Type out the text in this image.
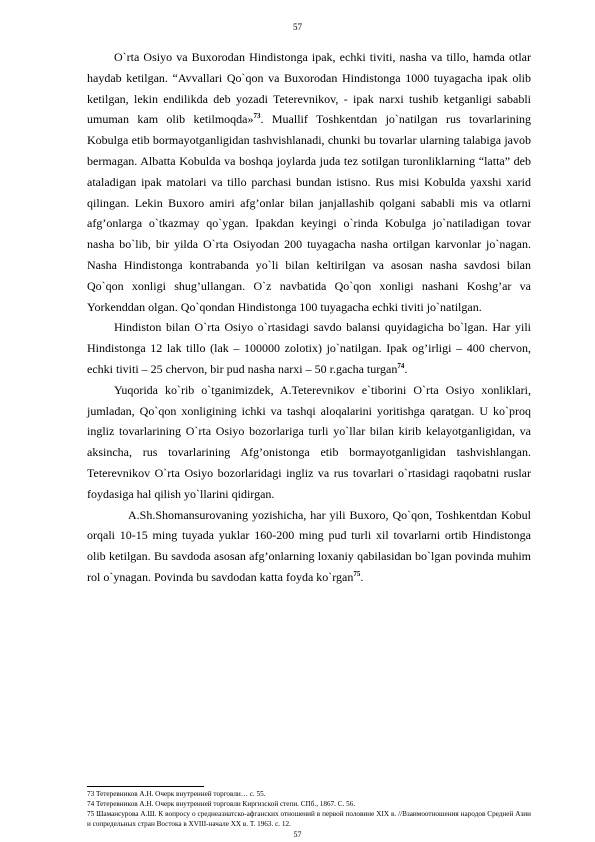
57

O`rta Osiyo va Buxorodan Hindistonga ipak, echki tiviti, nasha va tillo, hamda otlar haydab ketilgan. “Avvallari Qo`qon va Buxorodan Hindistonga 1000 tuyagacha ipak olib ketilgan, lekin endilikda deb yozadi Teterevnikov, - ipak narxi tushib ketganligi sababli umuman kam olib ketilmoqda»$^{73}$. Muallif Toshkentdan jo`natilgan rus tovarlarining Kobulga etib bormayotganligidan tashvishlanadi, chunki bu tovarlar ularning talabiga javob bermagan. Albatta Kobulda va boshqa joylarda juda tez sotilgan turonliklarning “latta” deb ataladigan ipak matolari va tillo parchasi bundan istisno. Rus misi Kobulda yaxshi xarid qilingan. Lekin Buxoro amiri afg’onlar bilan janjallashib qolgani sababli mis va otlarni afg’onlarga o`tkazmay qo`ygan. Ipakdan keyingi o`rinda Kobulga jo`natiladigan tovar nasha bo`lib, bir yilda O`rta Osiyodan 200 tuyagacha nasha ortilgan karvonlar jo`nagan. Nasha Hindistonga kontrabanda yo`li bilan keltirilgan va asosan nasha savdosi bilan Qo`qon xonligi shug’ullangan. O`z navbatida Qo`qon xonligi nashani Koshg’ar va Yorkenddan olgan. Qo`qondan Hindistonga 100 tuyagacha echki tiviti jo`natilgan.

Hindiston bilan O`rta Osiyo o`rtasidagi savdo balansi quyidagicha bo`lgan. Har yili Hindistonga 12 lak tillo (lak – 100000 zolotix) jo`natilgan. Ipak og’irligi – 400 chervon, echki tiviti – 25 chervon, bir pud nasha narxi – 50 r.gacha turgan$^{74}$.

Yuqorida ko`rib o`tganimizdek, A.Teterevnikov e`tiborini O`rta Osiyo xonliklari, jumladan, Qo`qon xonligining ichki va tashqi aloqalarini yoritishga qaratgan. U ko`proq ingliz tovarlarining O`rta Osiyo bozorlariga turli yo`llar bilan kirib kelayotganligidan, va aksincha, rus tovarlarining Afg’onistonga etib bormayotganligidan tashvishlangan. Teterevnikov O`rta Osiyo bozorlaridagi ingliz va rus tovarlari o`rtasidagi raqobatni ruslar foydasiga hal qilish yo`llarini qidirgan.

A.Sh.Shomansurovaning yozishicha, har yili Buxoro, Qo`qon, Toshkentdan Kobul orqali 10-15 ming tuyada yuklar 160-200 ming pud turli xil tovarlarni ortib Hindistonga olib ketilgan. Bu savdoda asosan afg’onlarning loxaniy qabilasidan bo`lgan povinda muhim rol o`ynagan. Povinda bu savdodan katta foyda ko`rgan$^{75}$.

73 Тетеревников А.Н. Очерк внутренней торговли… с. 55.

74 Тетеревников А.Н. Очерк внутренней торговли Киргизской степи. СПб., 1867. С. 56.

75 Шамансурова А.Ш. К вопросу о среднеазиатско-афганских отношений в первой половине XIX в. //Взаимоотношения народов Средней Азии и сопредельных стран Востока в XVIII-начале XX в. Т. 1963. с. 12.

57
